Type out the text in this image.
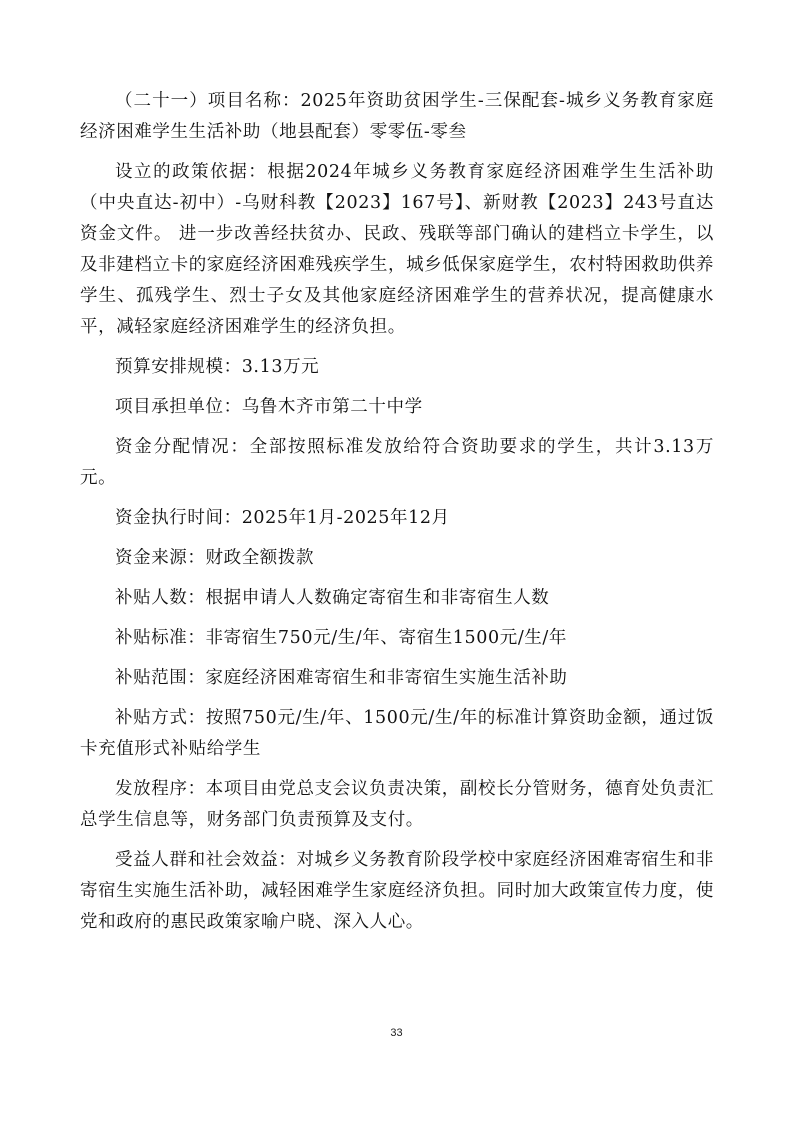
（二十一）项目名称：2025年资助贫困学生-三保配套-城乡义务教育家庭经济困难学生生活补助（地县配套）零零伍-零叁

设立的政策依据：根据2024年城乡义务教育家庭经济困难学生生活补助（中央直达-初中）-乌财科教【2023】167号】、新财教【2023】243号直达资金文件。 进一步改善经扶贫办、民政、残联等部门确认的建档立卡学生，以及非建档立卡的家庭经济困难残疾学生，城乡低保家庭学生，农村特困救助供养学生、孤残学生、烈士子女及其他家庭经济困难学生的营养状况，提高健康水平，减轻家庭经济困难学生的经济负担。

预算安排规模：3.13万元

项目承担单位：乌鲁木齐市第二十中学

资金分配情况：全部按照标准发放给符合资助要求的学生，共计3.13万元。

资金执行时间：2025年1月-2025年12月

资金来源：财政全额拨款

补贴人数：根据申请人人数确定寄宿生和非寄宿生人数

补贴标准：非寄宿生750元/生/年、寄宿生1500元/生/年

补贴范围：家庭经济困难寄宿生和非寄宿生实施生活补助

补贴方式：按照750元/生/年、1500元/生/年的标准计算资助金额，通过饭卡充值形式补贴给学生

发放程序：本项目由党总支会议负责决策，副校长分管财务，德育处负责汇总学生信息等，财务部门负责预算及支付。

受益人群和社会效益：对城乡义务教育阶段学校中家庭经济困难寄宿生和非寄宿生实施生活补助，减轻困难学生家庭经济负担。同时加大政策宣传力度，使党和政府的惠民政策家喻户晓、深入人心。

33
